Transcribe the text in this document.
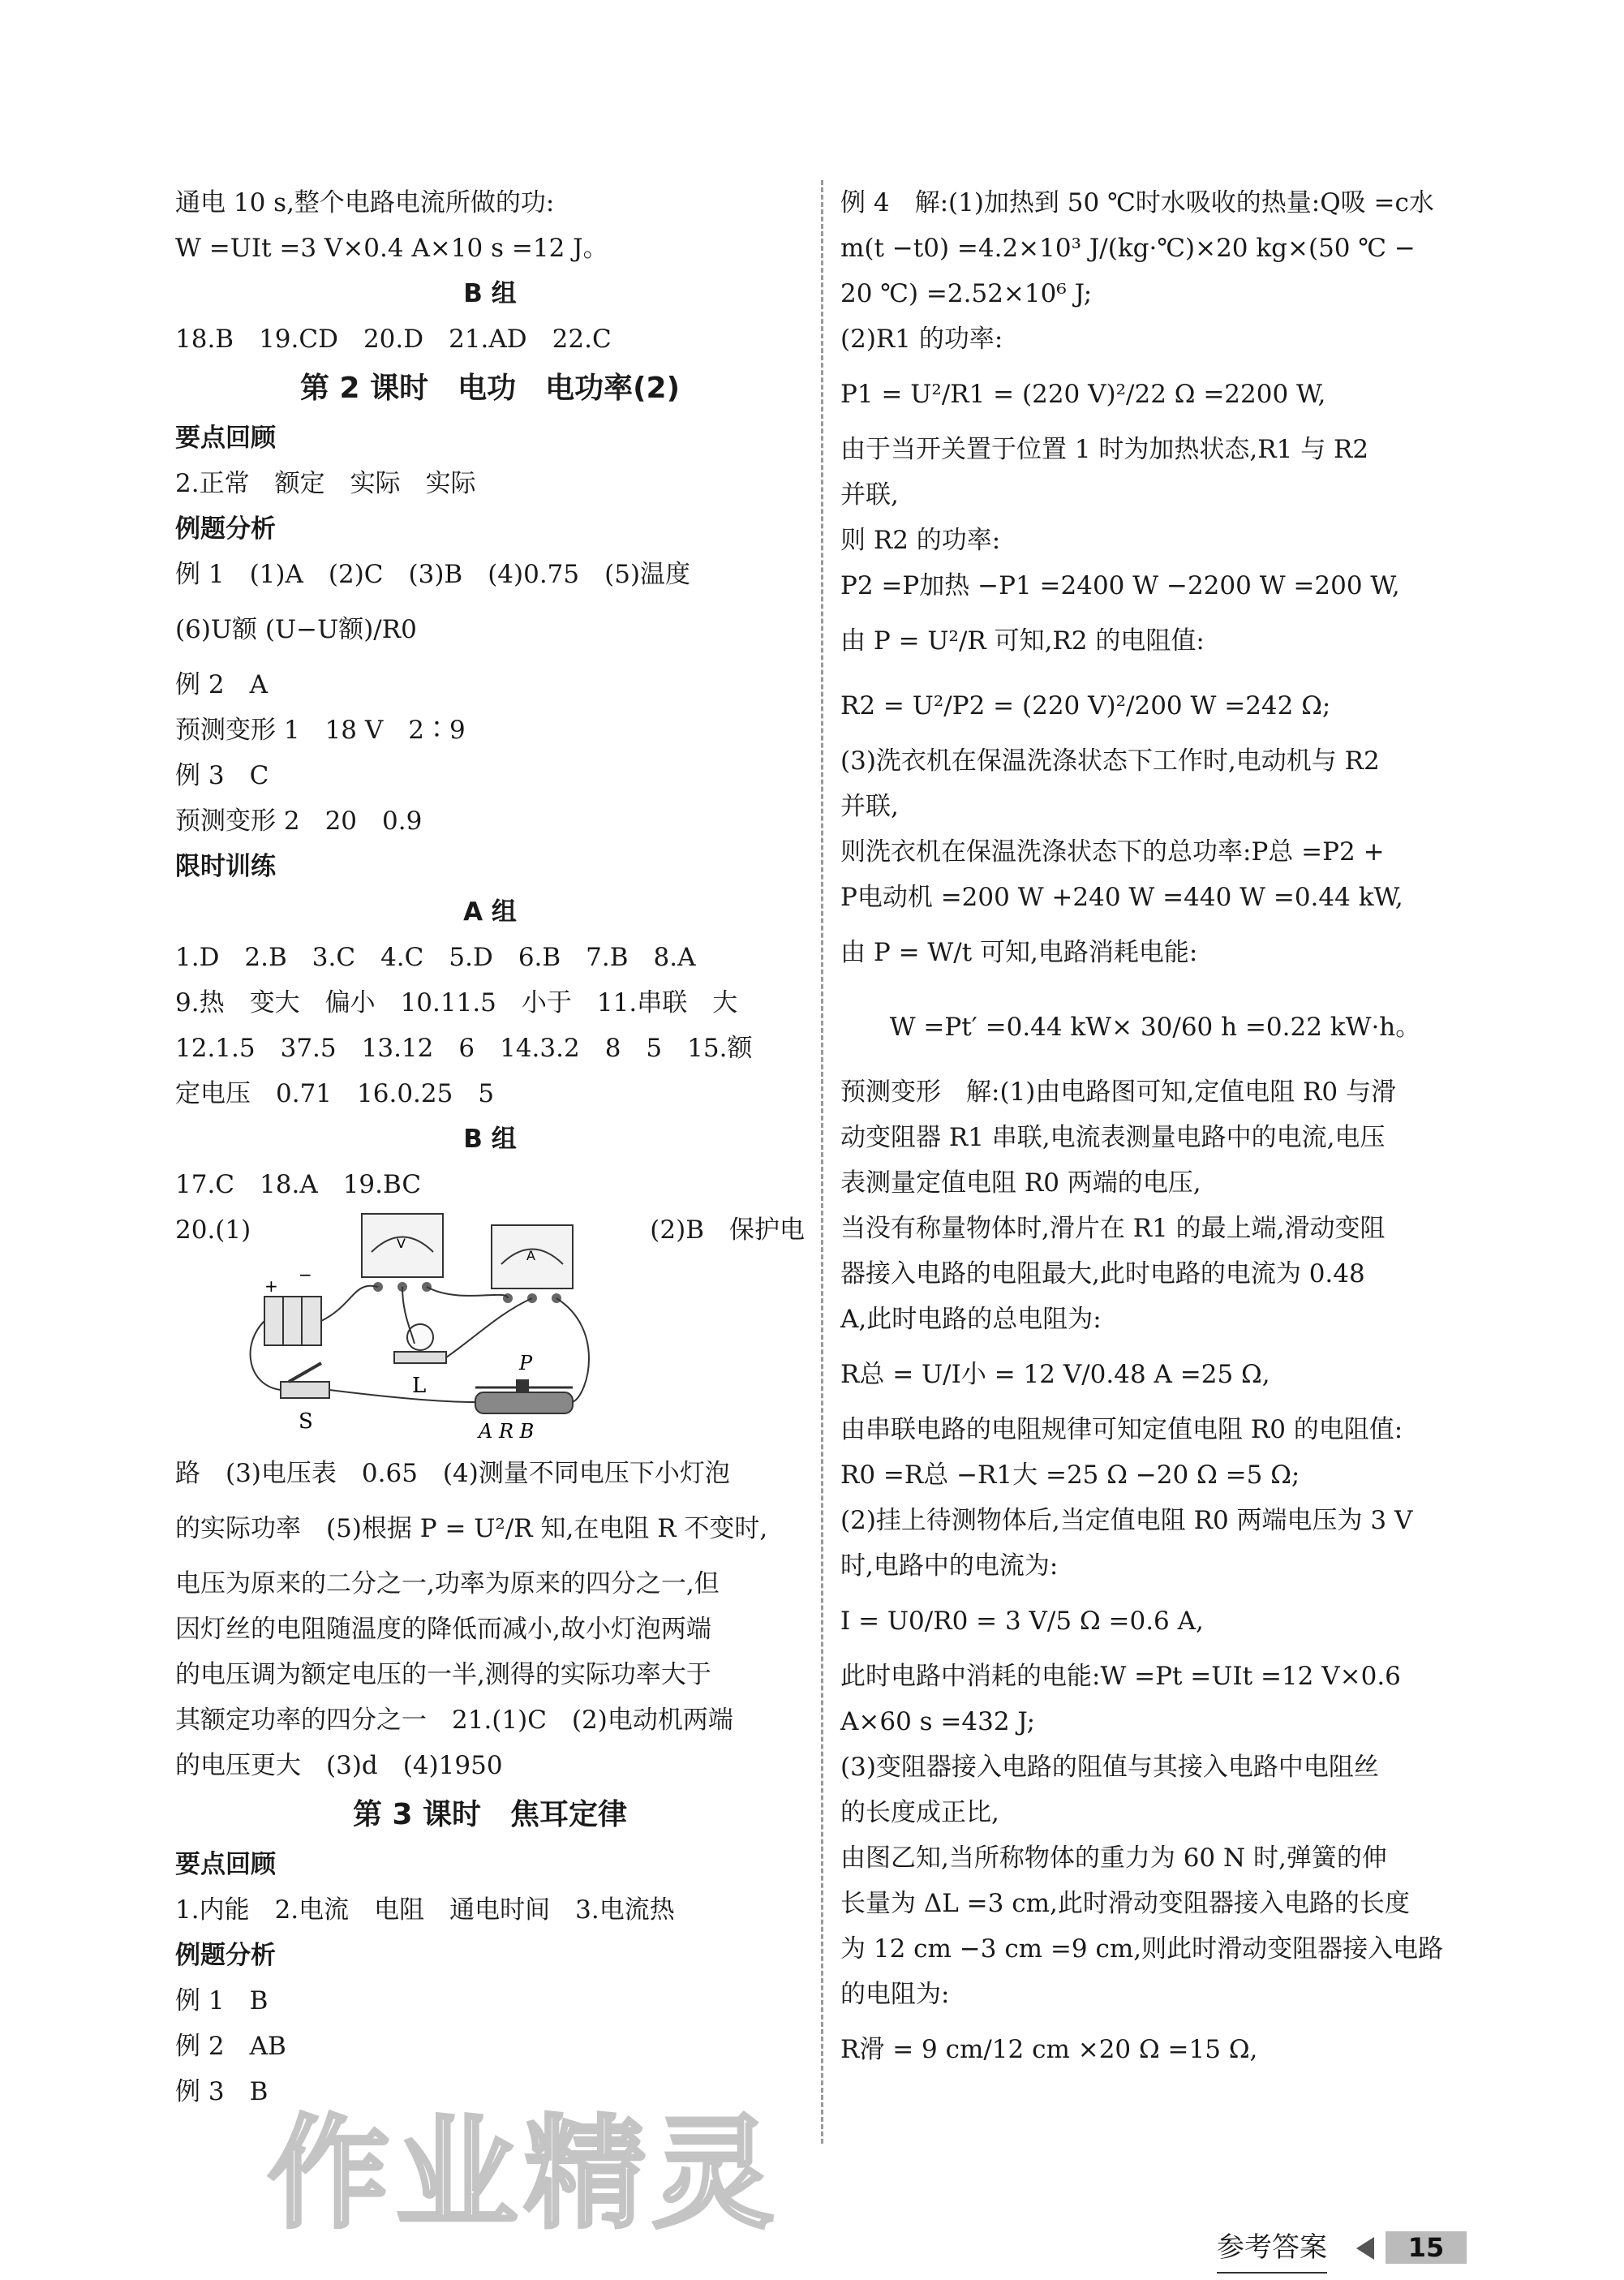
通电 10 s,整个电路电流所做的功:
W =UIt =3 V×0.4 A×10 s =12 J。
B 组
18.B　19.CD　20.D　21.AD　22.C
第 2 课时　电功　电功率(2)
要点回顾
2.正常　额定　实际　实际
例题分析
例 1　(1)A　(2)C　(3)B　(4)0.75　(5)温度
(6)U额 (U−U额)/R0
例 2　A
预测变形 1　18 V　2∶9
例 3　C
预测变形 2　20　0.9
限时训练
A 组
1.D　2.B　3.C　4.C　5.D　6.B　7.B　8.A
9.热　变大　偏小　10.11.5　小于　11.串联　大
12.1.5　37.5　13.12　6　14.3.2　8　5　15.额
定电压　0.71　16.0.25　5
B 组
17.C　18.A　19.BC
20.(1)	V
A
+
−
L
S
P
A R B
(2)B　保护电
路　(3)电压表　0.65　(4)测量不同电压下小灯泡
的实际功率　(5)根据 P = U²/R 知,在电阻 R 不变时,
电压为原来的二分之一,功率为原来的四分之一,但
因灯丝的电阻随温度的降低而减小,故小灯泡两端
的电压调为额定电压的一半,测得的实际功率大于
其额定功率的四分之一　21.(1)C　(2)电动机两端
的电压更大　(3)d　(4)1950
第 3 课时　焦耳定律
要点回顾
1.内能　2.电流　电阻　通电时间　3.电流热
例题分析
例 1　B
例 2　AB
例 3　B
例 4　解:(1)加热到 50 ℃时水吸收的热量:Q吸 =c水
m(t −t0) =4.2×10³ J/(kg·℃)×20 kg×(50 ℃ −
20 ℃) =2.52×10⁶ J;
(2)R1 的功率:
P1 = U²/R1 = (220 V)²/22 Ω =2200 W,
由于当开关置于位置 1 时为加热状态,R1 与 R2
并联,
则 R2 的功率:
P2 =P加热 −P1 =2400 W −2200 W =200 W,
由 P = U²/R 可知,R2 的电阻值:
R2 = U²/P2 = (220 V)²/200 W =242 Ω;
(3)洗衣机在保温洗涤状态下工作时,电动机与 R2
并联,
则洗衣机在保温洗涤状态下的总功率:P总 =P2 +
P电动机 =200 W +240 W =440 W =0.44 kW,
由 P = W/t 可知,电路消耗电能:
W =Pt′ =0.44 kW× 30/60 h =0.22 kW·h。
预测变形　解:(1)由电路图可知,定值电阻 R0 与滑
动变阻器 R1 串联,电流表测量电路中的电流,电压
表测量定值电阻 R0 两端的电压,
当没有称量物体时,滑片在 R1 的最上端,滑动变阻
器接入电路的电阻最大,此时电路的电流为 0.48
A,此时电路的总电阻为:
R总 = U/I小 = 12 V/0.48 A =25 Ω,
由串联电路的电阻规律可知定值电阻 R0 的电阻值:
R0 =R总 −R1大 =25 Ω −20 Ω =5 Ω;
(2)挂上待测物体后,当定值电阻 R0 两端电压为 3 V
时,电路中的电流为:
I = U0/R0 = 3 V/5 Ω =0.6 A,
此时电路中消耗的电能:W =Pt =UIt =12 V×0.6
A×60 s =432 J;
(3)变阻器接入电路的阻值与其接入电路中电阻丝
的长度成正比,
由图乙知,当所称物体的重力为 60 N 时,弹簧的伸
长量为 ΔL =3 cm,此时滑动变阻器接入电路的长度
为 12 cm −3 cm =9 cm,则此时滑动变阻器接入电路
的电阻为:
R滑 = 9 cm/12 cm ×20 Ω =15 Ω,
作业精灵
参考答案	15
